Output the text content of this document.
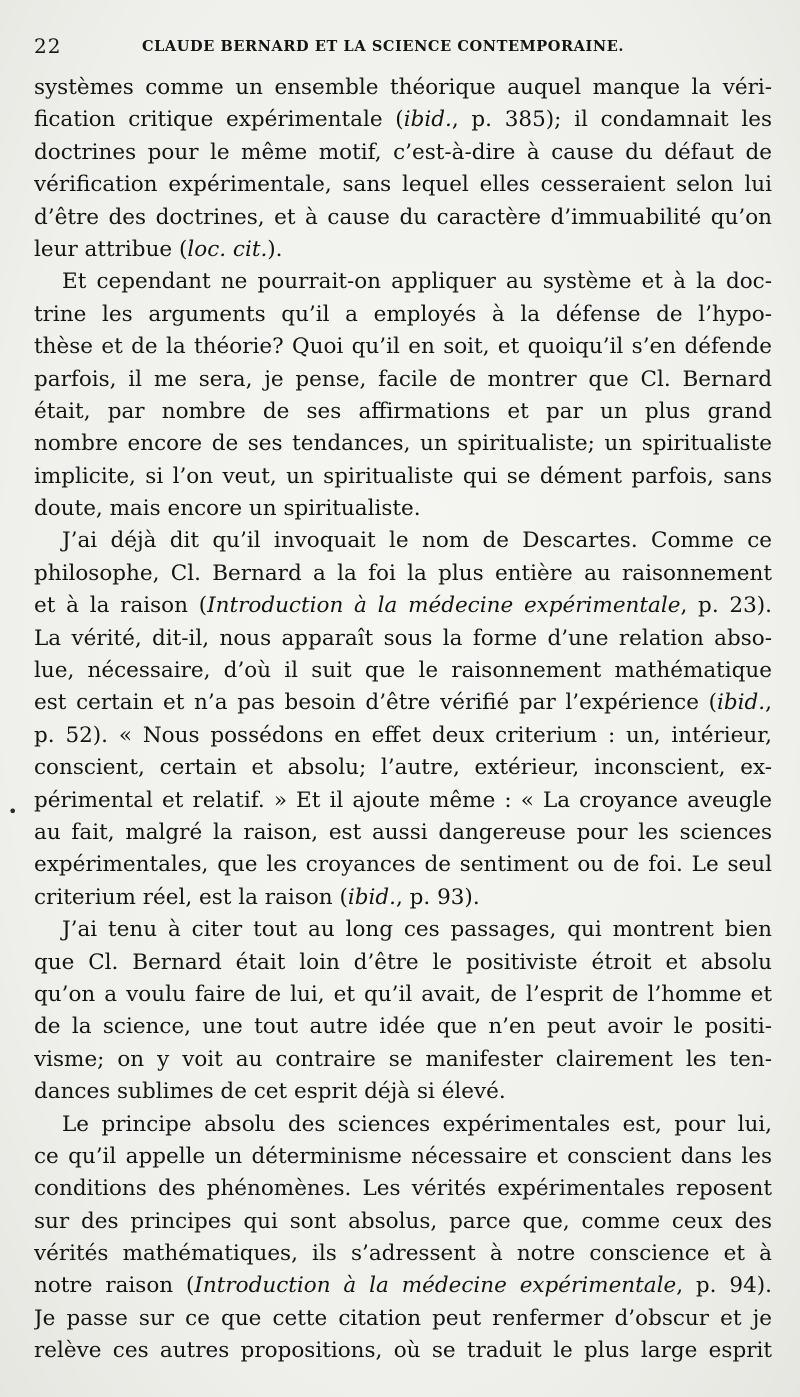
22	CLAUDE BERNARD ET LA SCIENCE CONTEMPORAINE.
systèmes comme un ensemble théorique auquel manque la véri-
fication critique expérimentale (ibid., p. 385); il condamnait les
doctrines pour le même motif, c’est-à-dire à cause du défaut de
vérification expérimentale, sans lequel elles cesseraient selon lui
d’être des doctrines, et à cause du caractère d’immuabilité qu’on
leur attribue (loc. cit.).
Et cependant ne pourrait-on appliquer au système et à la doc-
trine les arguments qu’il a employés à la défense de l’hypo-
thèse et de la théorie? Quoi qu’il en soit, et quoiqu’il s’en défende
parfois, il me sera, je pense, facile de montrer que Cl. Bernard
était, par nombre de ses affirmations et par un plus grand
nombre encore de ses tendances, un spiritualiste; un spiritualiste
implicite, si l’on veut, un spiritualiste qui se dément parfois, sans
doute, mais encore un spiritualiste.
J’ai déjà dit qu’il invoquait le nom de Descartes. Comme ce
philosophe, Cl. Bernard a la foi la plus entière au raisonnement
et à la raison (Introduction à la médecine expérimentale, p. 23).
La vérité, dit-il, nous apparaît sous la forme d’une relation abso-
lue, nécessaire, d’où il suit que le raisonnement mathématique
est certain et n’a pas besoin d’être vérifié par l’expérience (ibid.,
p. 52). « Nous possédons en effet deux criterium : un, intérieur,
conscient, certain et absolu; l’autre, extérieur, inconscient, ex-
périmental et relatif. » Et il ajoute même : « La croyance aveugle
au fait, malgré la raison, est aussi dangereuse pour les sciences
expérimentales, que les croyances de sentiment ou de foi. Le seul
criterium réel, est la raison (ibid., p. 93).
J’ai tenu à citer tout au long ces passages, qui montrent bien
que Cl. Bernard était loin d’être le positiviste étroit et absolu
qu’on a voulu faire de lui, et qu’il avait, de l’esprit de l’homme et
de la science, une tout autre idée que n’en peut avoir le positi-
visme; on y voit au contraire se manifester clairement les ten-
dances sublimes de cet esprit déjà si élevé.
Le principe absolu des sciences expérimentales est, pour lui,
ce qu’il appelle un déterminisme nécessaire et conscient dans les
conditions des phénomènes. Les vérités expérimentales reposent
sur des principes qui sont absolus, parce que, comme ceux des
vérités mathématiques, ils s’adressent à notre conscience et à
notre raison (Introduction à la médecine expérimentale, p. 94).
Je passe sur ce que cette citation peut renfermer d’obscur et je
relève ces autres propositions, où se traduit le plus large esprit
•
